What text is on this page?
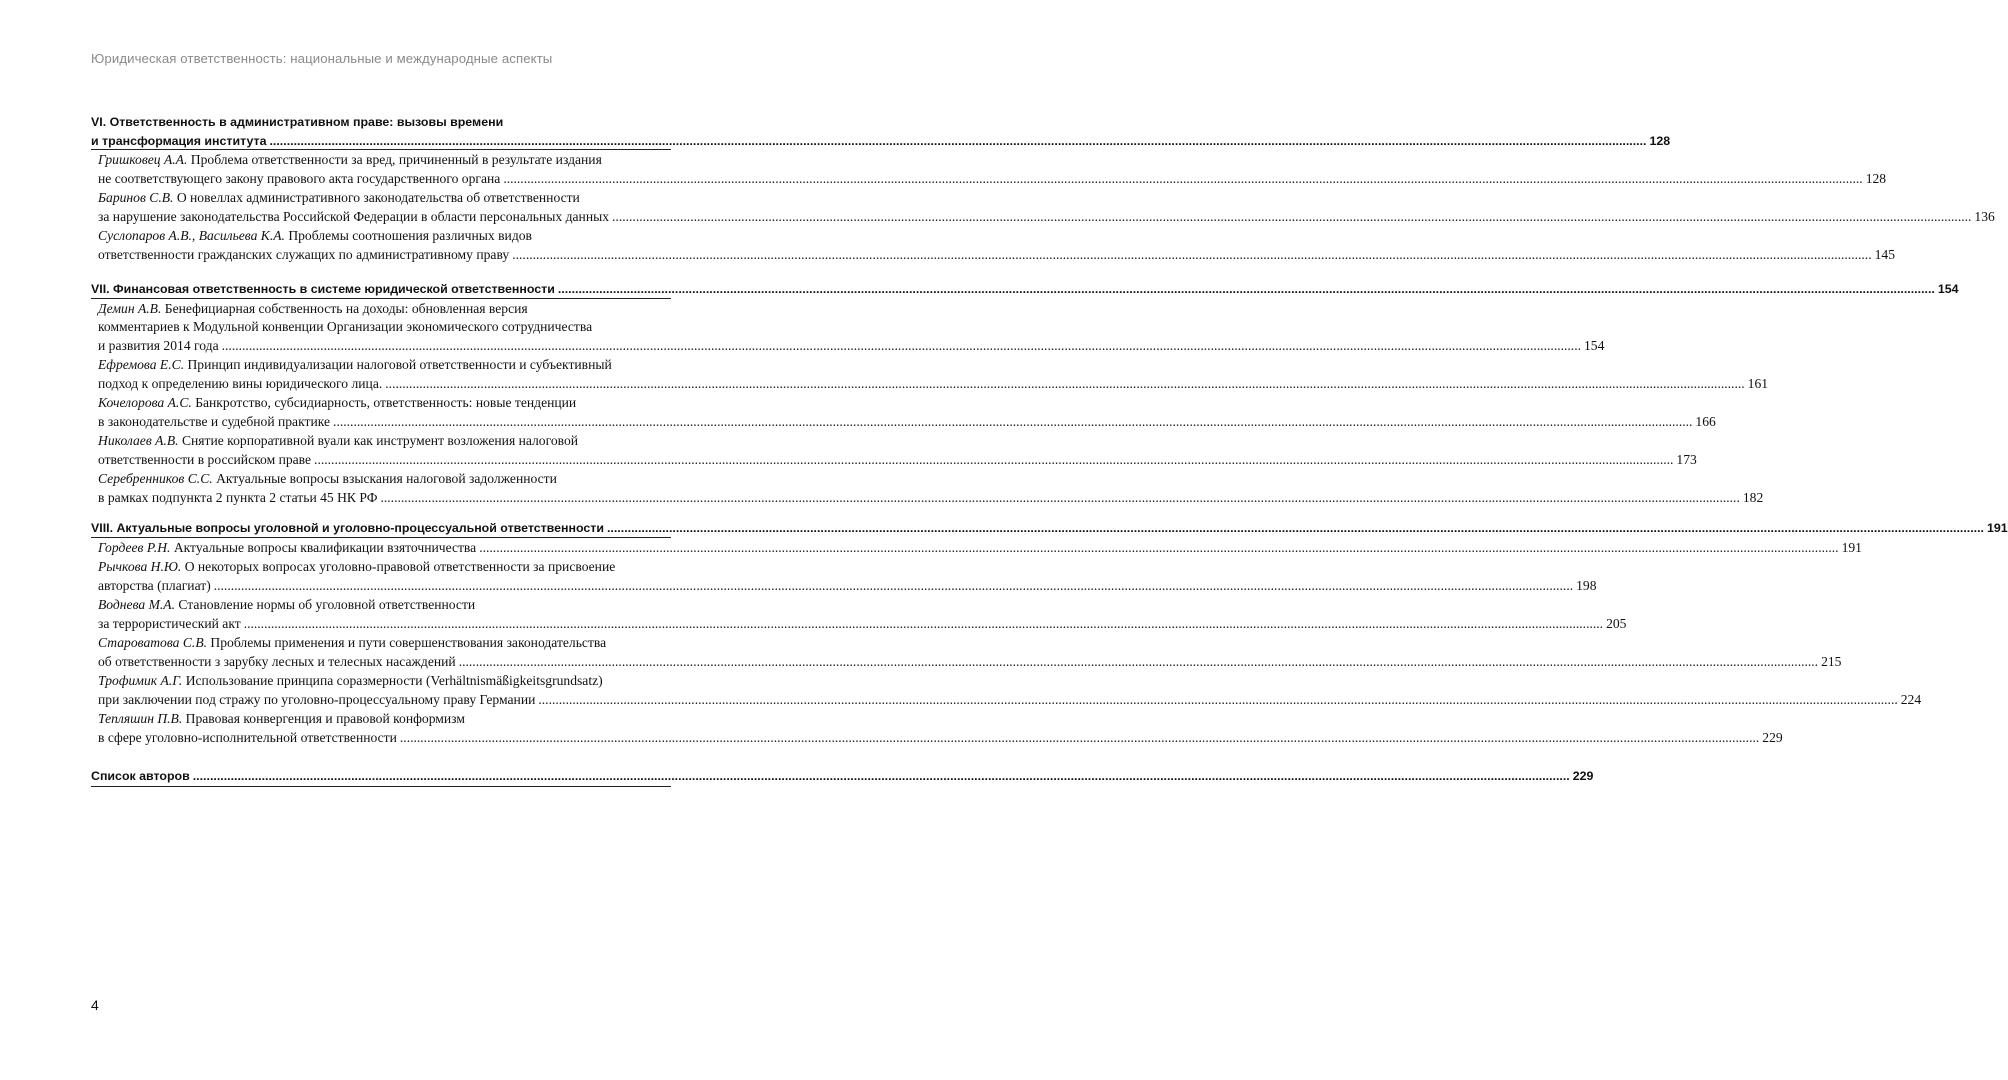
Юридическая ответственность: национальные и международные аспекты
VI. Ответственность в административном праве: вызовы времени
и трансформация института ................................................................................................................................................................................................................................................................................................................................................................................................................ 128
Гришковец А.А. Проблема ответственности за вред, причиненный в результате издания
не соответствующего закону правового акта государственного органа ................................................................................................................................................................................................................................................................................................................................................................................................................ 128
Баринов С.В. О новеллах административного законодательства об ответственности
за нарушение законодательства Российской Федерации в области персональных данных ................................................................................................................................................................................................................................................................................................................................................................................................................ 136
Суслопаров А.В., Васильева К.А. Проблемы соотношения различных видов
ответственности гражданских служащих по административному праву ................................................................................................................................................................................................................................................................................................................................................................................................................ 145
VII. Финансовая ответственность в системе юридической ответственности ................................................................................................................................................................................................................................................................................................................................................................................................................ 154
Демин А.В. Бенефициарная собственность на доходы: обновленная версия
комментариев к Модульной конвенции Организации экономического сотрудничества
и развития 2014 года ................................................................................................................................................................................................................................................................................................................................................................................................................ 154
Ефремова Е.С. Принцип индивидуализации налоговой ответственности и субъективный
подход к определению вины юридического лица. ................................................................................................................................................................................................................................................................................................................................................................................................................ 161
Кочелорова А.С. Банкротство, субсидиарность, ответственность: новые тенденции
в законодательстве и судебной практике ................................................................................................................................................................................................................................................................................................................................................................................................................ 166
Николаев А.В. Снятие корпоративной вуали как инструмент возложения налоговой
ответственности в российском праве ................................................................................................................................................................................................................................................................................................................................................................................................................ 173
Серебренников С.С. Актуальные вопросы взыскания налоговой задолженности
в рамках подпункта 2 пункта 2 статьи 45 НК РФ ................................................................................................................................................................................................................................................................................................................................................................................................................ 182
VIII. Актуальные вопросы уголовной и уголовно-процессуальной ответственности ................................................................................................................................................................................................................................................................................................................................................................................................................ 191
Гордеев Р.Н. Актуальные вопросы квалификации взяточничества ................................................................................................................................................................................................................................................................................................................................................................................................................ 191
Рычкова Н.Ю. О некоторых вопросах уголовно-правовой ответственности за присвоение
авторства (плагиат) ................................................................................................................................................................................................................................................................................................................................................................................................................ 198
Воднева М.А. Становление нормы об уголовной ответственности
за террористический акт ................................................................................................................................................................................................................................................................................................................................................................................................................ 205
Староватова С.В. Проблемы применения и пути совершенствования законодательства
об ответственности з зарубку лесных и телесных насаждений ................................................................................................................................................................................................................................................................................................................................................................................................................ 215
Трофимик А.Г. Использование принципа соразмерности (Verhältnismäßigkeitsgrundsatz)
при заключении под стражу по уголовно-процессуальному праву Германии ................................................................................................................................................................................................................................................................................................................................................................................................................ 224
Тепляшин П.В. Правовая конвергенция и правовой конформизм
в сфере уголовно-исполнительной ответственности ................................................................................................................................................................................................................................................................................................................................................................................................................ 229
Список авторов ................................................................................................................................................................................................................................................................................................................................................................................................................ 229
4
